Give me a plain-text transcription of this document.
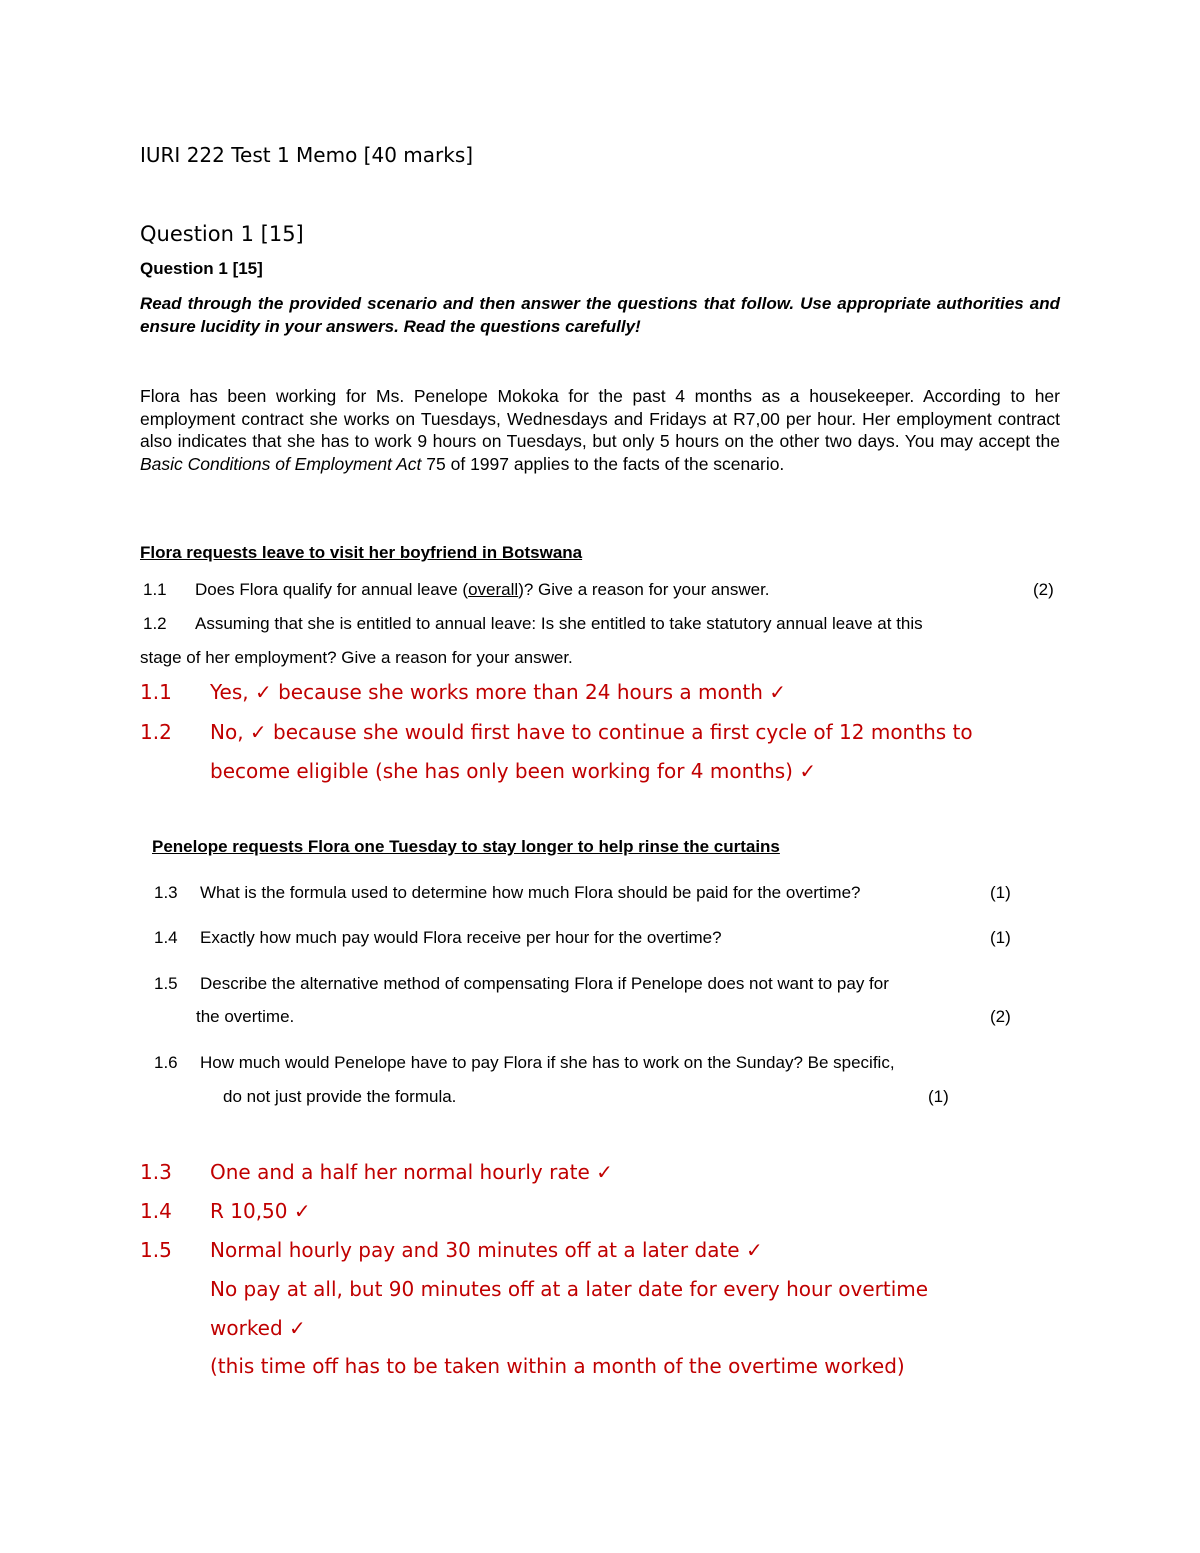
IURI 222 Test 1 Memo [40 marks]
Question 1 [15]
Question 1 [15]
Read through the provided scenario and then answer the questions that follow. Use appropriate authorities and ensure lucidity in your answers. Read the questions carefully!
Flora has been working for Ms. Penelope Mokoka for the past 4 months as a housekeeper. According to her employment contract she works on Tuesdays, Wednesdays and Fridays at R7,00 per hour. Her employment contract also indicates that she has to work 9 hours on Tuesdays, but only 5 hours on the other two days. You may accept the Basic Conditions of Employment Act 75 of 1997 applies to the facts of the scenario.
Flora requests leave to visit her boyfriend in Botswana
1.1 Does Flora qualify for annual leave (overall)? Give a reason for your answer.	(2)
1.2 Assuming that she is entitled to annual leave: Is she entitled to take statutory annual leave at this
stage of her employment? Give a reason for your answer.
1.1 Yes, ✓ because she works more than 24 hours a month ✓
1.2 No, ✓ because she would first have to continue a first cycle of 12 months to
become eligible (she has only been working for 4 months) ✓
Penelope requests Flora one Tuesday to stay longer to help rinse the curtains
1.3 What is the formula used to determine how much Flora should be paid for the overtime?	(1)
1.4 Exactly how much pay would Flora receive per hour for the overtime?	(1)
1.5 Describe the alternative method of compensating Flora if Penelope does not want to pay for
the overtime.	(2)
1.6 How much would Penelope have to pay Flora if she has to work on the Sunday? Be specific,
do not just provide the formula.	(1)
1.3 One and a half her normal hourly rate ✓
1.4 R 10,50 ✓
1.5 Normal hourly pay and 30 minutes off at a later date ✓
No pay at all, but 90 minutes off at a later date for every hour overtime
worked ✓
(this time off has to be taken within a month of the overtime worked)
